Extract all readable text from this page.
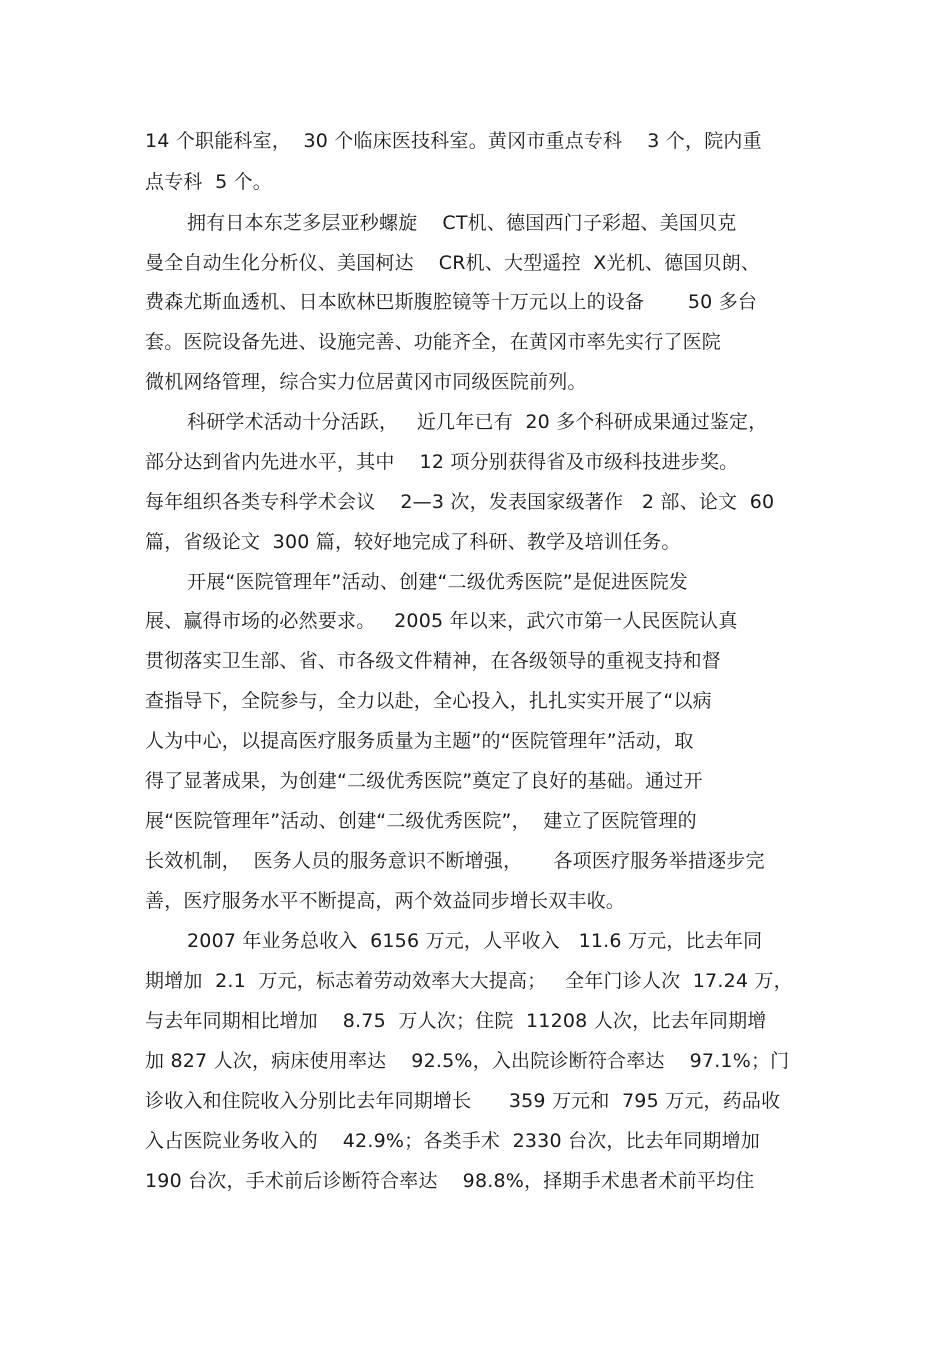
14 个职能科室，  30 个临床医技科室。黄冈市重点专科    3 个，院内重
点专科  5 个。
拥有日本东芝多层亚秒螺旋    CT机、德国西门子彩超、美国贝克
曼全自动生化分析仪、美国柯达    CR机、大型遥控  X光机、德国贝朗、
费森尤斯血透机、日本欧林巴斯腹腔镜等十万元以上的设备       50 多台
套。医院设备先进、设施完善、功能齐全，在黄冈市率先实行了医院
微机网络管理，综合实力位居黄冈市同级医院前列。
科研学术活动十分活跃，   近几年已有  20 多个科研成果通过鉴定，
部分达到省内先进水平，其中    12 项分别获得省及市级科技进步奖。
每年组织各类专科学术会议    2—3 次，发表国家级著作   2 部、论文  60
篇，省级论文  300 篇，较好地完成了科研、教学及培训任务。
开展“医院管理年”活动、创建“二级优秀医院”是促进医院发
展、赢得市场的必然要求。   2005 年以来，武穴市第一人民医院认真
贯彻落实卫生部、省、市各级文件精神，在各级领导的重视支持和督
查指导下，全院参与，全力以赴，全心投入，扎扎实实开展了“以病
人为中心，以提高医疗服务质量为主题”的“医院管理年”活动，取
得了显著成果，为创建“二级优秀医院”奠定了良好的基础。通过开
展“医院管理年”活动、创建“二级优秀医院”，  建立了医院管理的
长效机制，  医务人员的服务意识不断增强，     各项医疗服务举措逐步完
善，医疗服务水平不断提高，两个效益同步增长双丰收。
2007 年业务总收入  6156 万元，人平收入   11.6 万元，比去年同
期增加  2.1  万元，标志着劳动效率大大提高；   全年门诊人次  17.24 万，
与去年同期相比增加    8.75  万人次；住院  11208 人次，比去年同期增
加 827 人次，病床使用率达    92.5%，入出院诊断符合率达    97.1%；门
诊收入和住院收入分别比去年同期增长      359 万元和  795 万元，药品收
入占医院业务收入的    42.9%；各类手术  2330 台次，比去年同期增加
190 台次，手术前后诊断符合率达    98.8%，择期手术患者术前平均住
